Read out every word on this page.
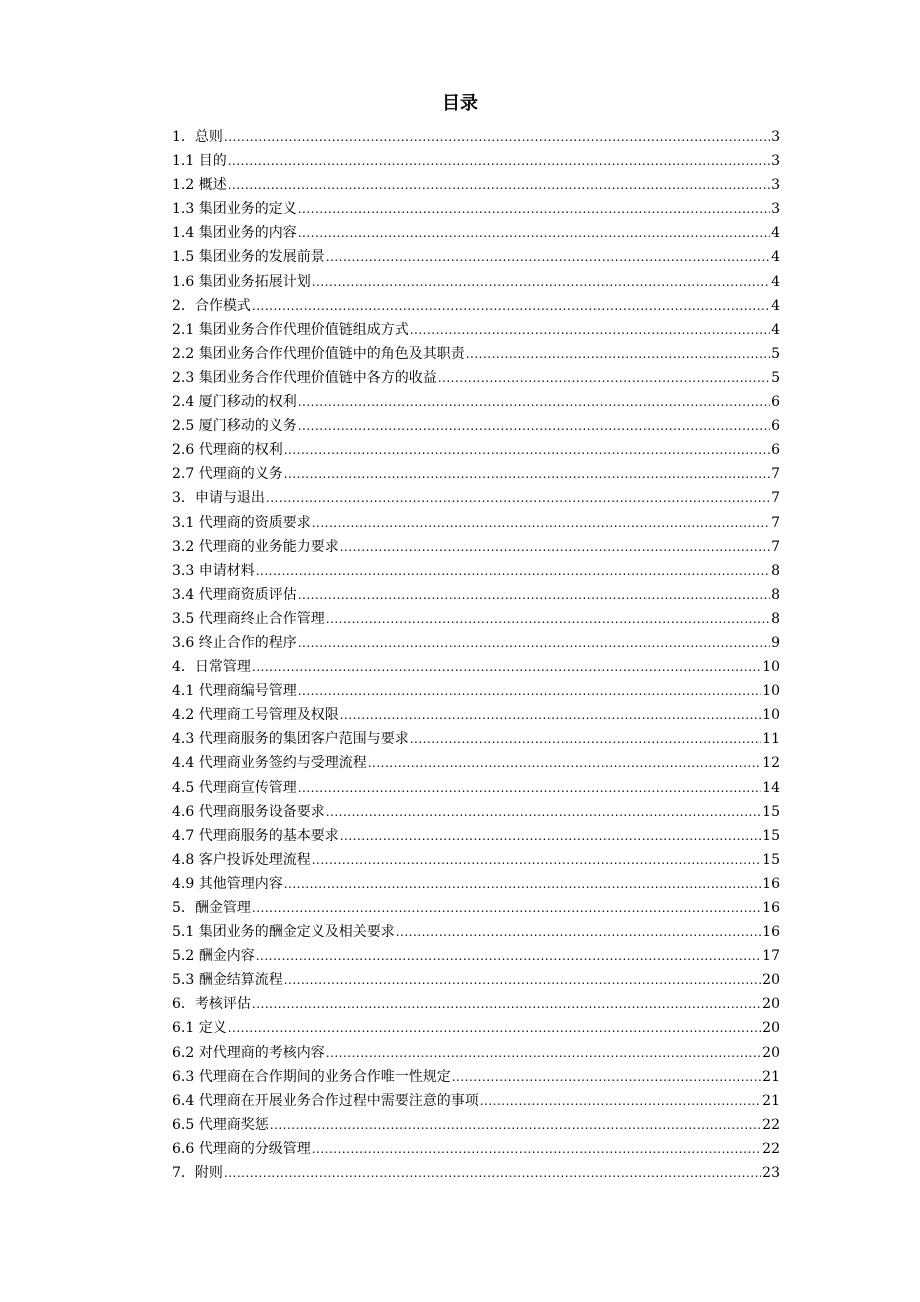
目录
1．总则 .....	3
1.1 目的 .....	3
1.2 概述 .....	3
1.3 集团业务的定义 .....	3
1.4 集团业务的内容 .....	4
1.5 集团业务的发展前景 .....	4
1.6 集团业务拓展计划 .....	4
2．合作模式 .....	4
2.1 集团业务合作代理价值链组成方式 .....	4
2.2 集团业务合作代理价值链中的角色及其职责 .....	5
2.3 集团业务合作代理价值链中各方的收益 .....	5
2.4 厦门移动的权利 .....	6
2.5 厦门移动的义务 .....	6
2.6 代理商的权利 .....	6
2.7 代理商的义务 .....	7
3．申请与退出 .....	7
3.1 代理商的资质要求 .....	7
3.2 代理商的业务能力要求 .....	7
3.3 申请材料 .....	8
3.4 代理商资质评估 .....	8
3.5 代理商终止合作管理 .....	8
3.6 终止合作的程序 .....	9
4．日常管理 .....	10
4.1 代理商编号管理 .....	10
4.2 代理商工号管理及权限 .....	10
4.3 代理商服务的集团客户范围与要求 .....	11
4.4 代理商业务签约与受理流程 .....	12
4.5 代理商宣传管理 .....	14
4.6 代理商服务设备要求 .....	15
4.7 代理商服务的基本要求 .....	15
4.8 客户投诉处理流程 .....	15
4.9 其他管理内容 .....	16
5．酬金管理 .....	16
5.1 集团业务的酬金定义及相关要求 .....	16
5.2 酬金内容 .....	17
5.3 酬金结算流程 .....	20
6．考核评估 .....	20
6.1 定义 .....	20
6.2 对代理商的考核内容 .....	20
6.3 代理商在合作期间的业务合作唯一性规定 .....	21
6.4 代理商在开展业务合作过程中需要注意的事项 .....	21
6.5 代理商奖惩 .....	22
6.6 代理商的分级管理 .....	22
7．附则 .....	23
